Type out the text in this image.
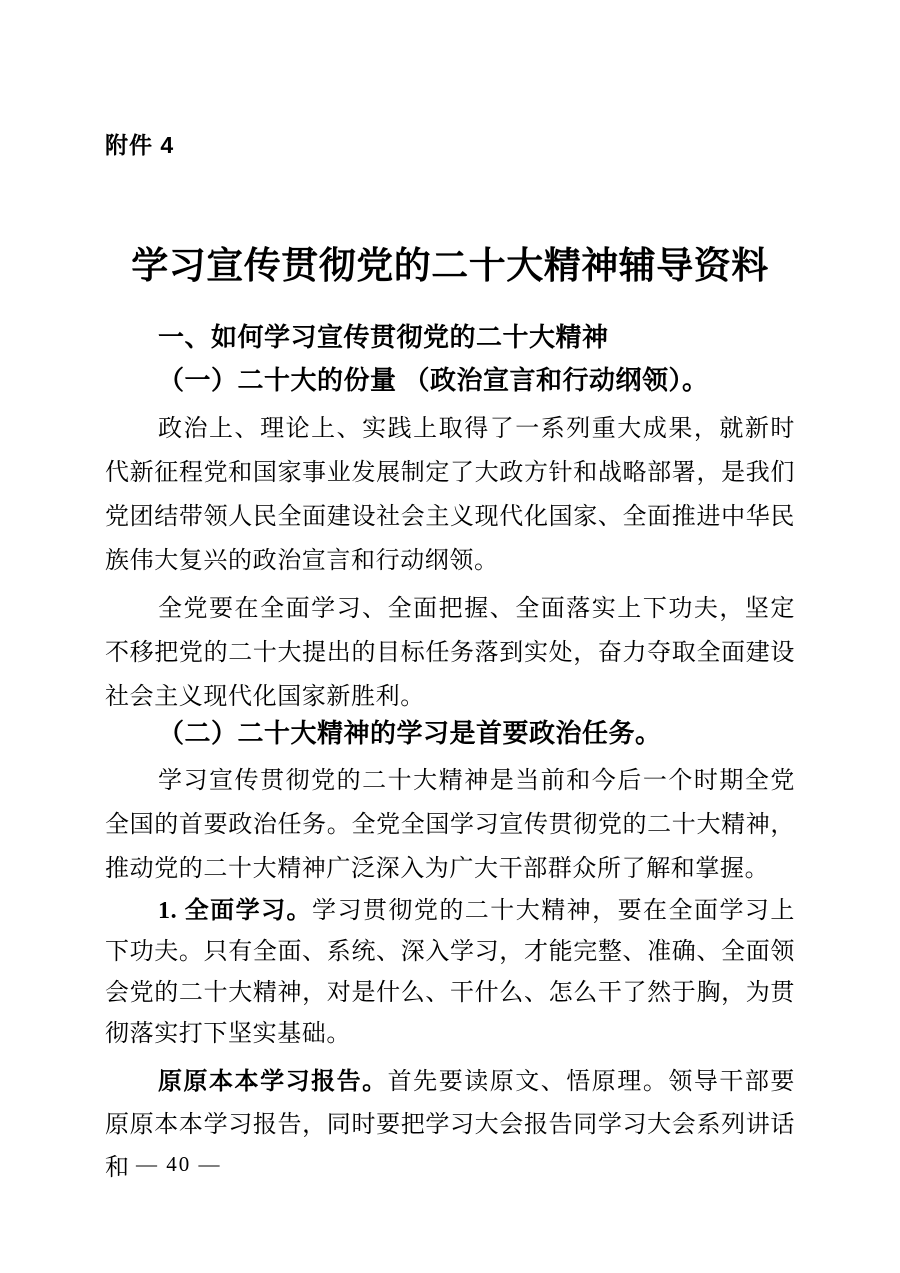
附件 4
学习宣传贯彻党的二十大精神辅导资料
一、如何学习宣传贯彻党的二十大精神
（一）二十大的份量 （政治宣言和行动纲领）。

政治上、理论上、实践上取得了一系列重大成果，就新时代新征程党和国家事业发展制定了大政方针和战略部署，是我们党团结带领人民全面建设社会主义现代化国家、全面推进中华民族伟大复兴的政治宣言和行动纲领。

全党要在全面学习、全面把握、全面落实上下功夫，坚定不移把党的二十大提出的目标任务落到实处，奋力夺取全面建设社会主义现代化国家新胜利。

（二）二十大精神的学习是首要政治任务。

学习宣传贯彻党的二十大精神是当前和今后一个时期全党全国的首要政治任务。全党全国学习宣传贯彻党的二十大精神，推动党的二十大精神广泛深入为广大干部群众所了解和掌握。

1. 全面学习。学习贯彻党的二十大精神，要在全面学习上下功夫。只有全面、系统、深入学习，才能完整、准确、全面领会党的二十大精神，对是什么、干什么、怎么干了然于胸，为贯彻落实打下坚实基础。

原原本本学习报告。首先要读原文、悟原理。领导干部要原原本本学习报告，同时要把学习大会报告同学习大会系列讲话和 — 40 —
